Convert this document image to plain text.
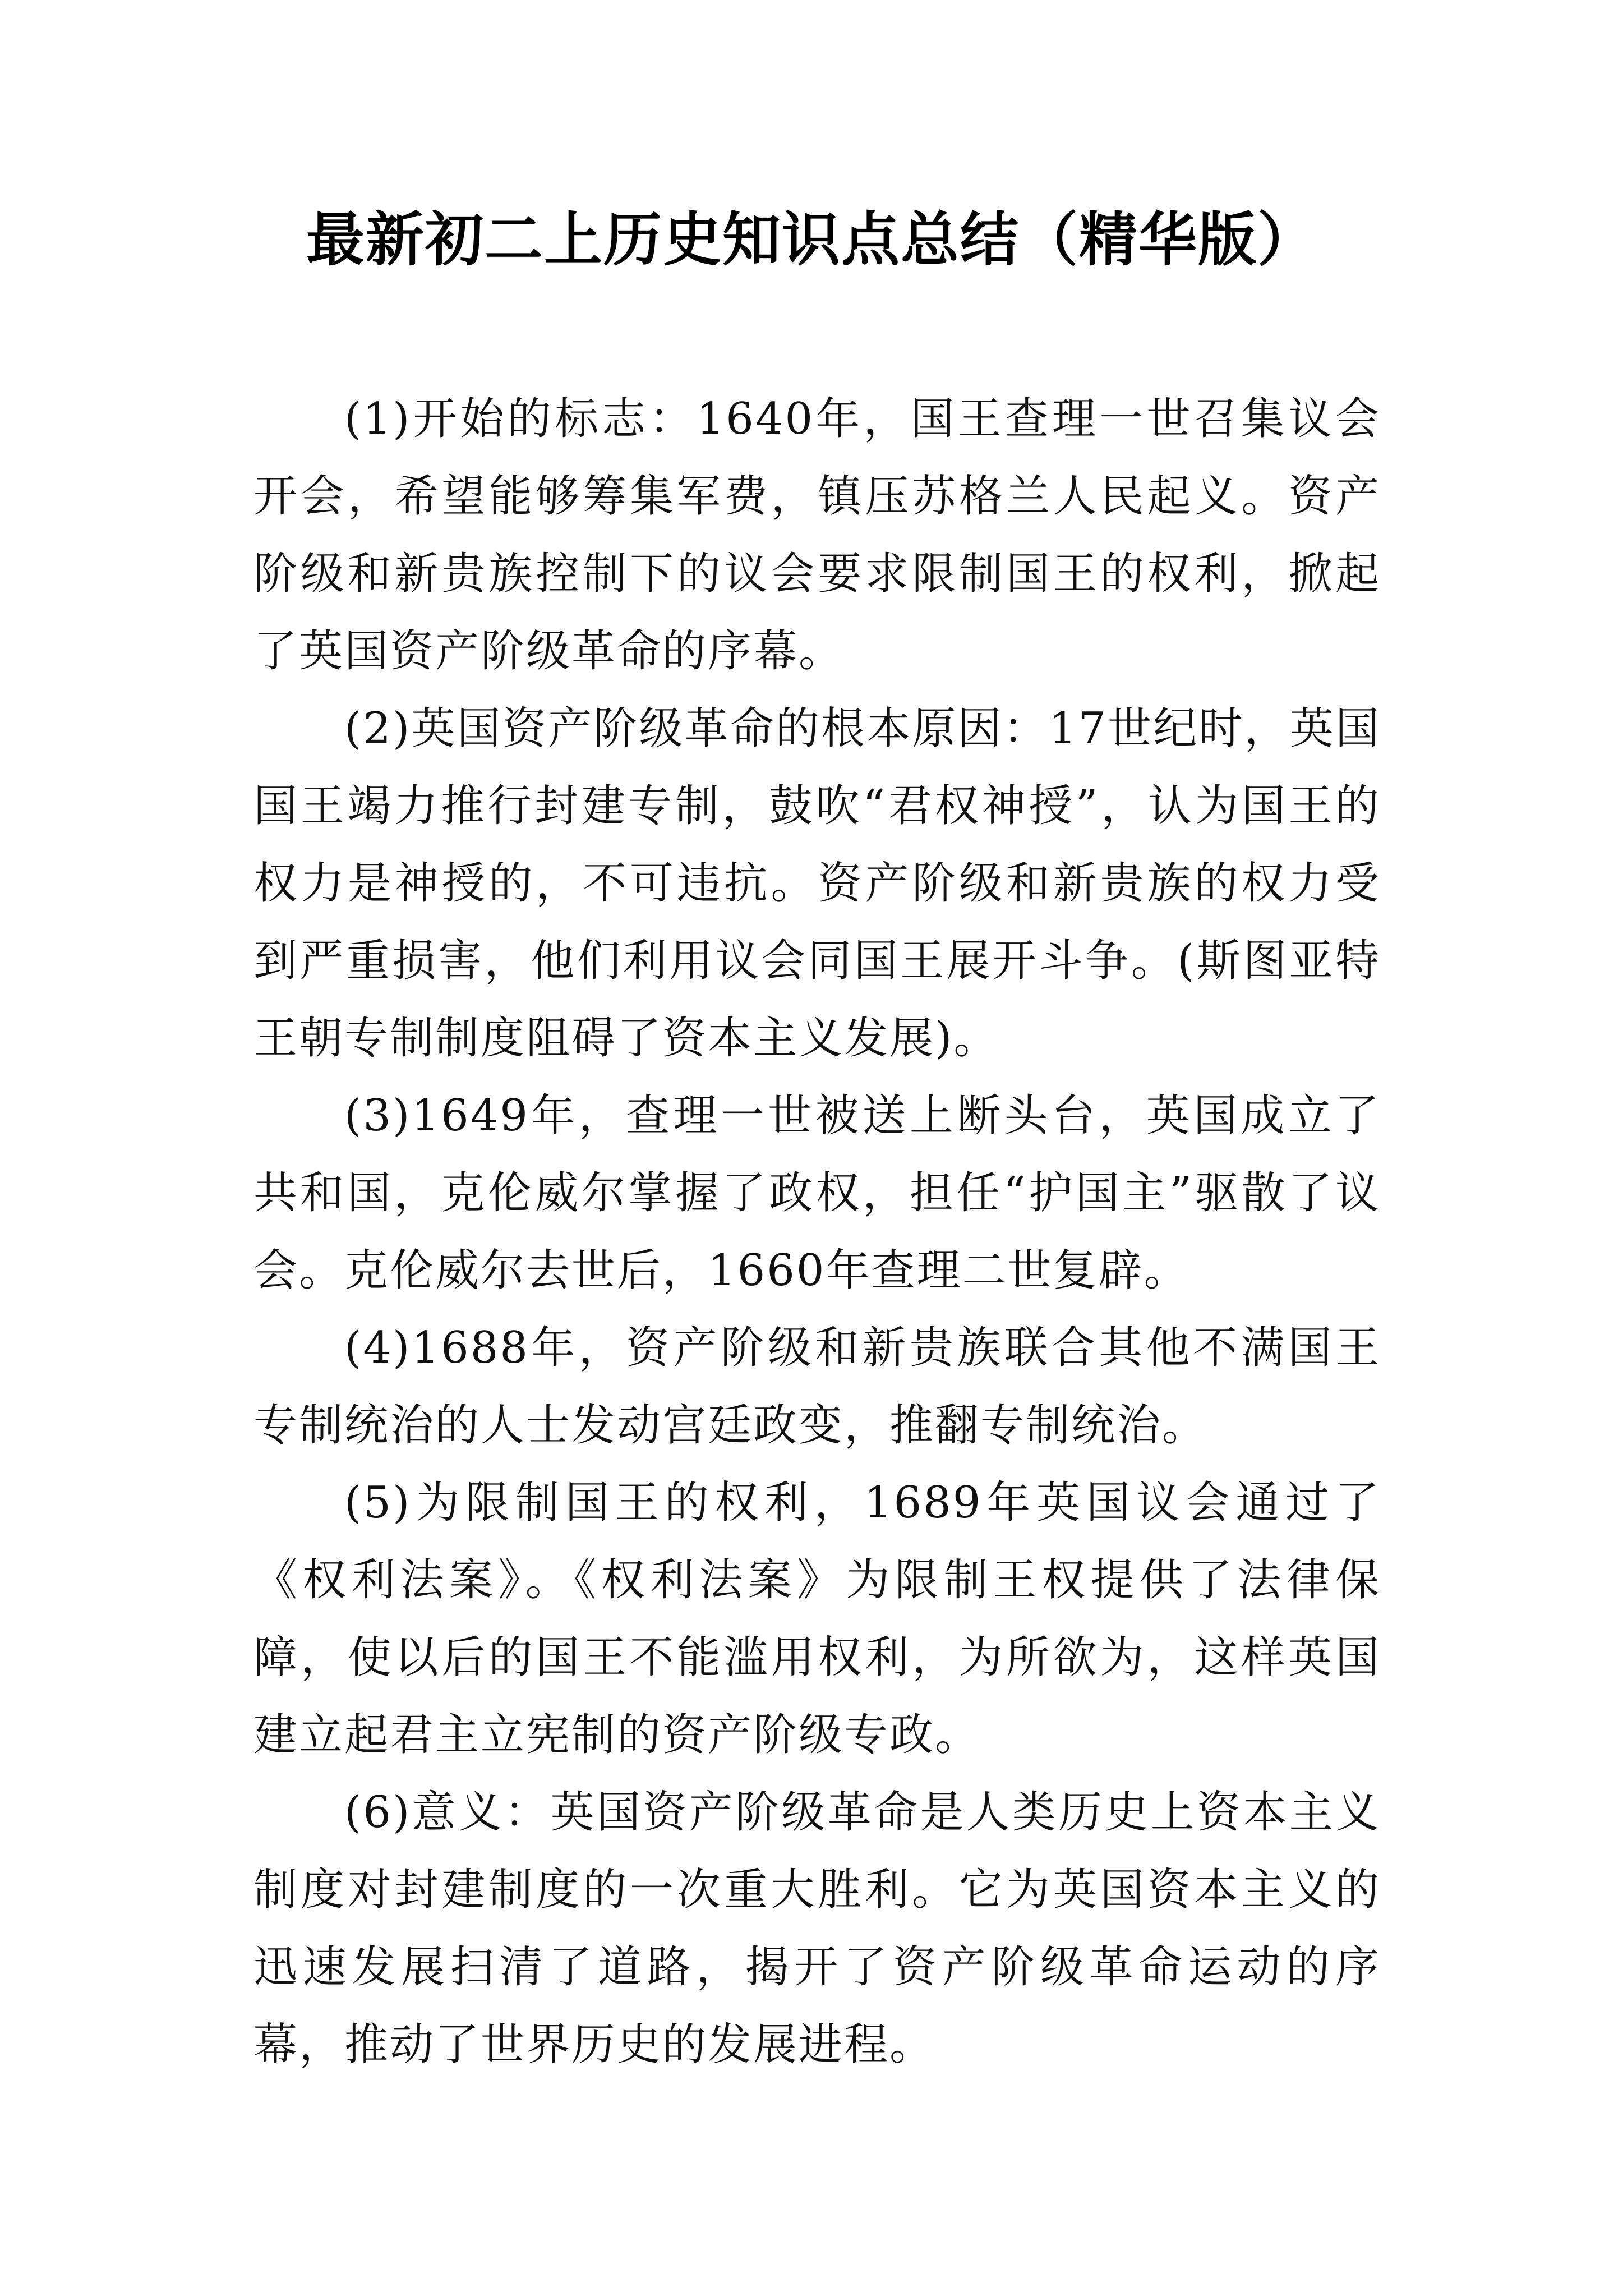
最新初二上历史知识点总结（精华版）

(1)开始的标志：1640年，国王查理一世召集议会开会，希望能够筹集军费，镇压苏格兰人民起义。资产阶级和新贵族控制下的议会要求限制国王的权利，掀起了英国资产阶级革命的序幕。

(2)英国资产阶级革命的根本原因：17世纪时，英国国王竭力推行封建专制，鼓吹“君权神授”，认为国王的权力是神授的，不可违抗。资产阶级和新贵族的权力受到严重损害，他们利用议会同国王展开斗争。(斯图亚特王朝专制制度阻碍了资本主义发展)。

(3)1649年，查理一世被送上断头台，英国成立了共和国，克伦威尔掌握了政权，担任“护国主”驱散了议会。克伦威尔去世后，1660年查理二世复辟。

(4)1688年，资产阶级和新贵族联合其他不满国王专制统治的人士发动宫廷政变，推翻专制统治。

(5)为限制国王的权利，1689年英国议会通过了《权利法案》。《权利法案》为限制王权提供了法律保障，使以后的国王不能滥用权利，为所欲为，这样英国建立起君主立宪制的资产阶级专政。

(6)意义：英国资产阶级革命是人类历史上资本主义制度对封建制度的一次重大胜利。它为英国资本主义的迅速发展扫清了道路，揭开了资产阶级革命运动的序幕，推动了世界历史的发展进程。
